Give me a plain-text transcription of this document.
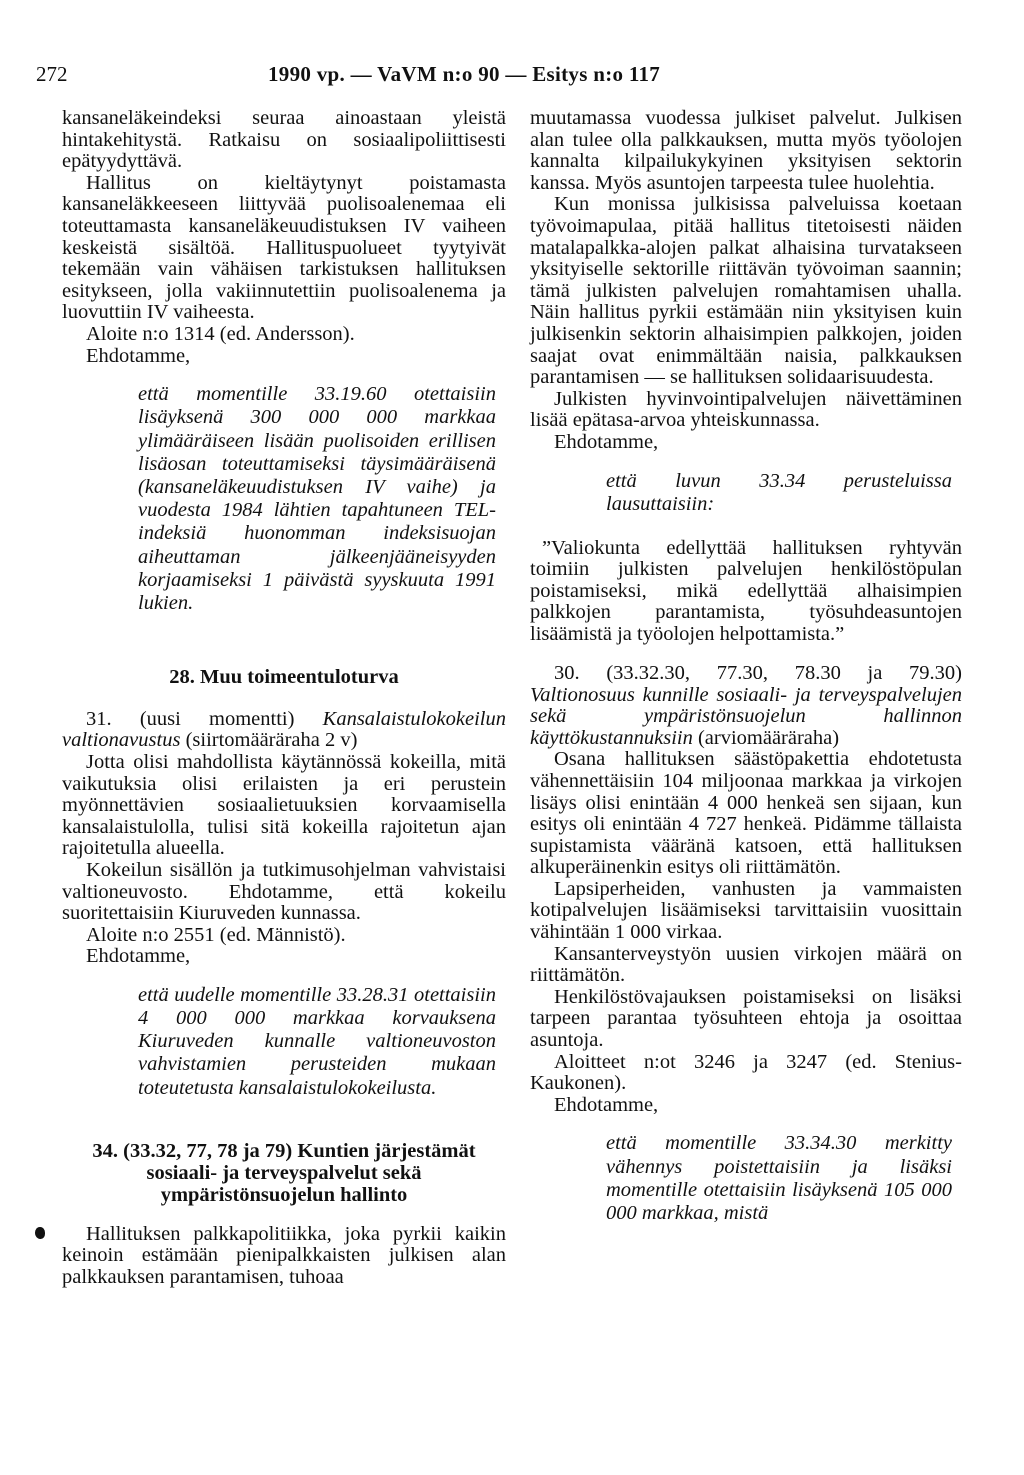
272	1990 vp. — VaVM n:o 90 — Esitys n:o 117

kansaneläkeindeksi seuraa ainoastaan yleistä hintakehitystä. Ratkaisu on sosiaalipoliittisesti epätyydyttävä.

Hallitus on kieltäytynyt poistamasta kansaneläkkeeseen liittyvää puolisoalenemaa eli toteuttamasta kansaneläkeuudistuksen IV vaiheen keskeistä sisältöä. Hallituspuolueet tyytyivät tekemään vain vähäisen tarkistuksen hallituksen esitykseen, jolla vakiinnutettiin puolisoalenema ja luovuttiin IV vaiheesta.

Aloite n:o 1314 (ed. Andersson).

Ehdotamme,

että momentille 33.19.60 otettaisiin lisäyksenä 300 000 000 markkaa ylimääräiseen lisään puolisoiden erillisen lisäosan toteuttamiseksi täysimääräisenä (kansaneläkeuudistuksen IV vaihe) ja vuodesta 1984 lähtien tapahtuneen TEL-indeksiä huonomman indeksisuojan aiheuttaman jälkeenjääneisyyden korjaamiseksi 1 päivästä syyskuuta 1991 lukien.

28. Muu toimeentuloturva

31. (uusi momentti) Kansalaistulokokeilun valtionavustus (siirtomääräraha 2 v)

Jotta olisi mahdollista käytännössä kokeilla, mitä vaikutuksia olisi erilaisten ja eri perustein myönnettävien sosiaalietuuksien korvaamisella kansalaistulolla, tulisi sitä kokeilla rajoitetun ajan rajoitetulla alueella.

Kokeilun sisällön ja tutkimusohjelman vahvistaisi valtioneuvosto. Ehdotamme, että kokeilu suoritettaisiin Kiuruveden kunnassa.

Aloite n:o 2551 (ed. Männistö).

Ehdotamme,

että uudelle momentille 33.28.31 otettaisiin 4 000 000 markkaa korvauksena Kiuruveden kunnalle valtioneuvoston vahvistamien perusteiden mukaan toteutetusta kansalaistulokokeilusta.

34. (33.32, 77, 78 ja 79) Kuntien järjestämät sosiaali- ja terveyspalvelut sekä ympäristönsuojelun hallinto

Hallituksen palkkapolitiikka, joka pyrkii kaikin keinoin estämään pienipalkkaisten julkisen alan palkkauksen parantamisen, tuhoaa

muutamassa vuodessa julkiset palvelut. Julkisen alan tulee olla palkkauksen, mutta myös työolojen kannalta kilpailukykyinen yksityisen sektorin kanssa. Myös asuntojen tarpeesta tulee huolehtia.

Kun monissa julkisissa palveluissa koetaan työvoimapulaa, pitää hallitus titetoisesti näiden matalapalkka-alojen palkat alhaisina turvatakseen yksityiselle sektorille riittävän työvoiman saannin; tämä julkisten palvelujen romahtamisen uhalla. Näin hallitus pyrkii estämään niin yksityisen kuin julkisenkin sektorin alhaisimpien palkkojen, joiden saajat ovat enimmältään naisia, palkkauksen parantamisen — se hallituksen solidaarisuudesta.

Julkisten hyvinvointipalvelujen näivettäminen lisää epätasa-arvoa yhteiskunnassa.

Ehdotamme,

että luvun 33.34 perusteluissa lausuttaisiin:

”Valiokunta edellyttää hallituksen ryhtyvän toimiin julkisten palvelujen henkilöstöpulan poistamiseksi, mikä edellyttää alhaisimpien palkkojen parantamista, työsuhdeasuntojen lisäämistä ja työolojen helpottamista.”

30. (33.32.30, 77.30, 78.30 ja 79.30) Valtionosuus kunnille sosiaali- ja terveyspalvelujen sekä ympäristönsuojelun hallinnon käyttökustannuksiin (arviomääräraha)

Osana hallituksen säästöpakettia ehdotetusta vähennettäisiin 104 miljoonaa markkaa ja virkojen lisäys olisi enintään 4 000 henkeä sen sijaan, kun esitys oli enintään 4 727 henkeä. Pidämme tällaista supistamista vääränä katsoen, että hallituksen alkuperäinenkin esitys oli riittämätön.

Lapsiperheiden, vanhusten ja vammaisten kotipalvelujen lisäämiseksi tarvittaisiin vuosittain vähintään 1 000 virkaa.

Kansanterveystyön uusien virkojen määrä on riittämätön.

Henkilöstövajauksen poistamiseksi on lisäksi tarpeen parantaa työsuhteen ehtoja ja osoittaa asuntoja.

Aloitteet n:ot 3246 ja 3247 (ed. Stenius-Kaukonen).

Ehdotamme,

että momentille 33.34.30 merkitty vähennys poistettaisiin ja lisäksi momentille otettaisiin lisäyksenä 105 000 000 markkaa, mistä
